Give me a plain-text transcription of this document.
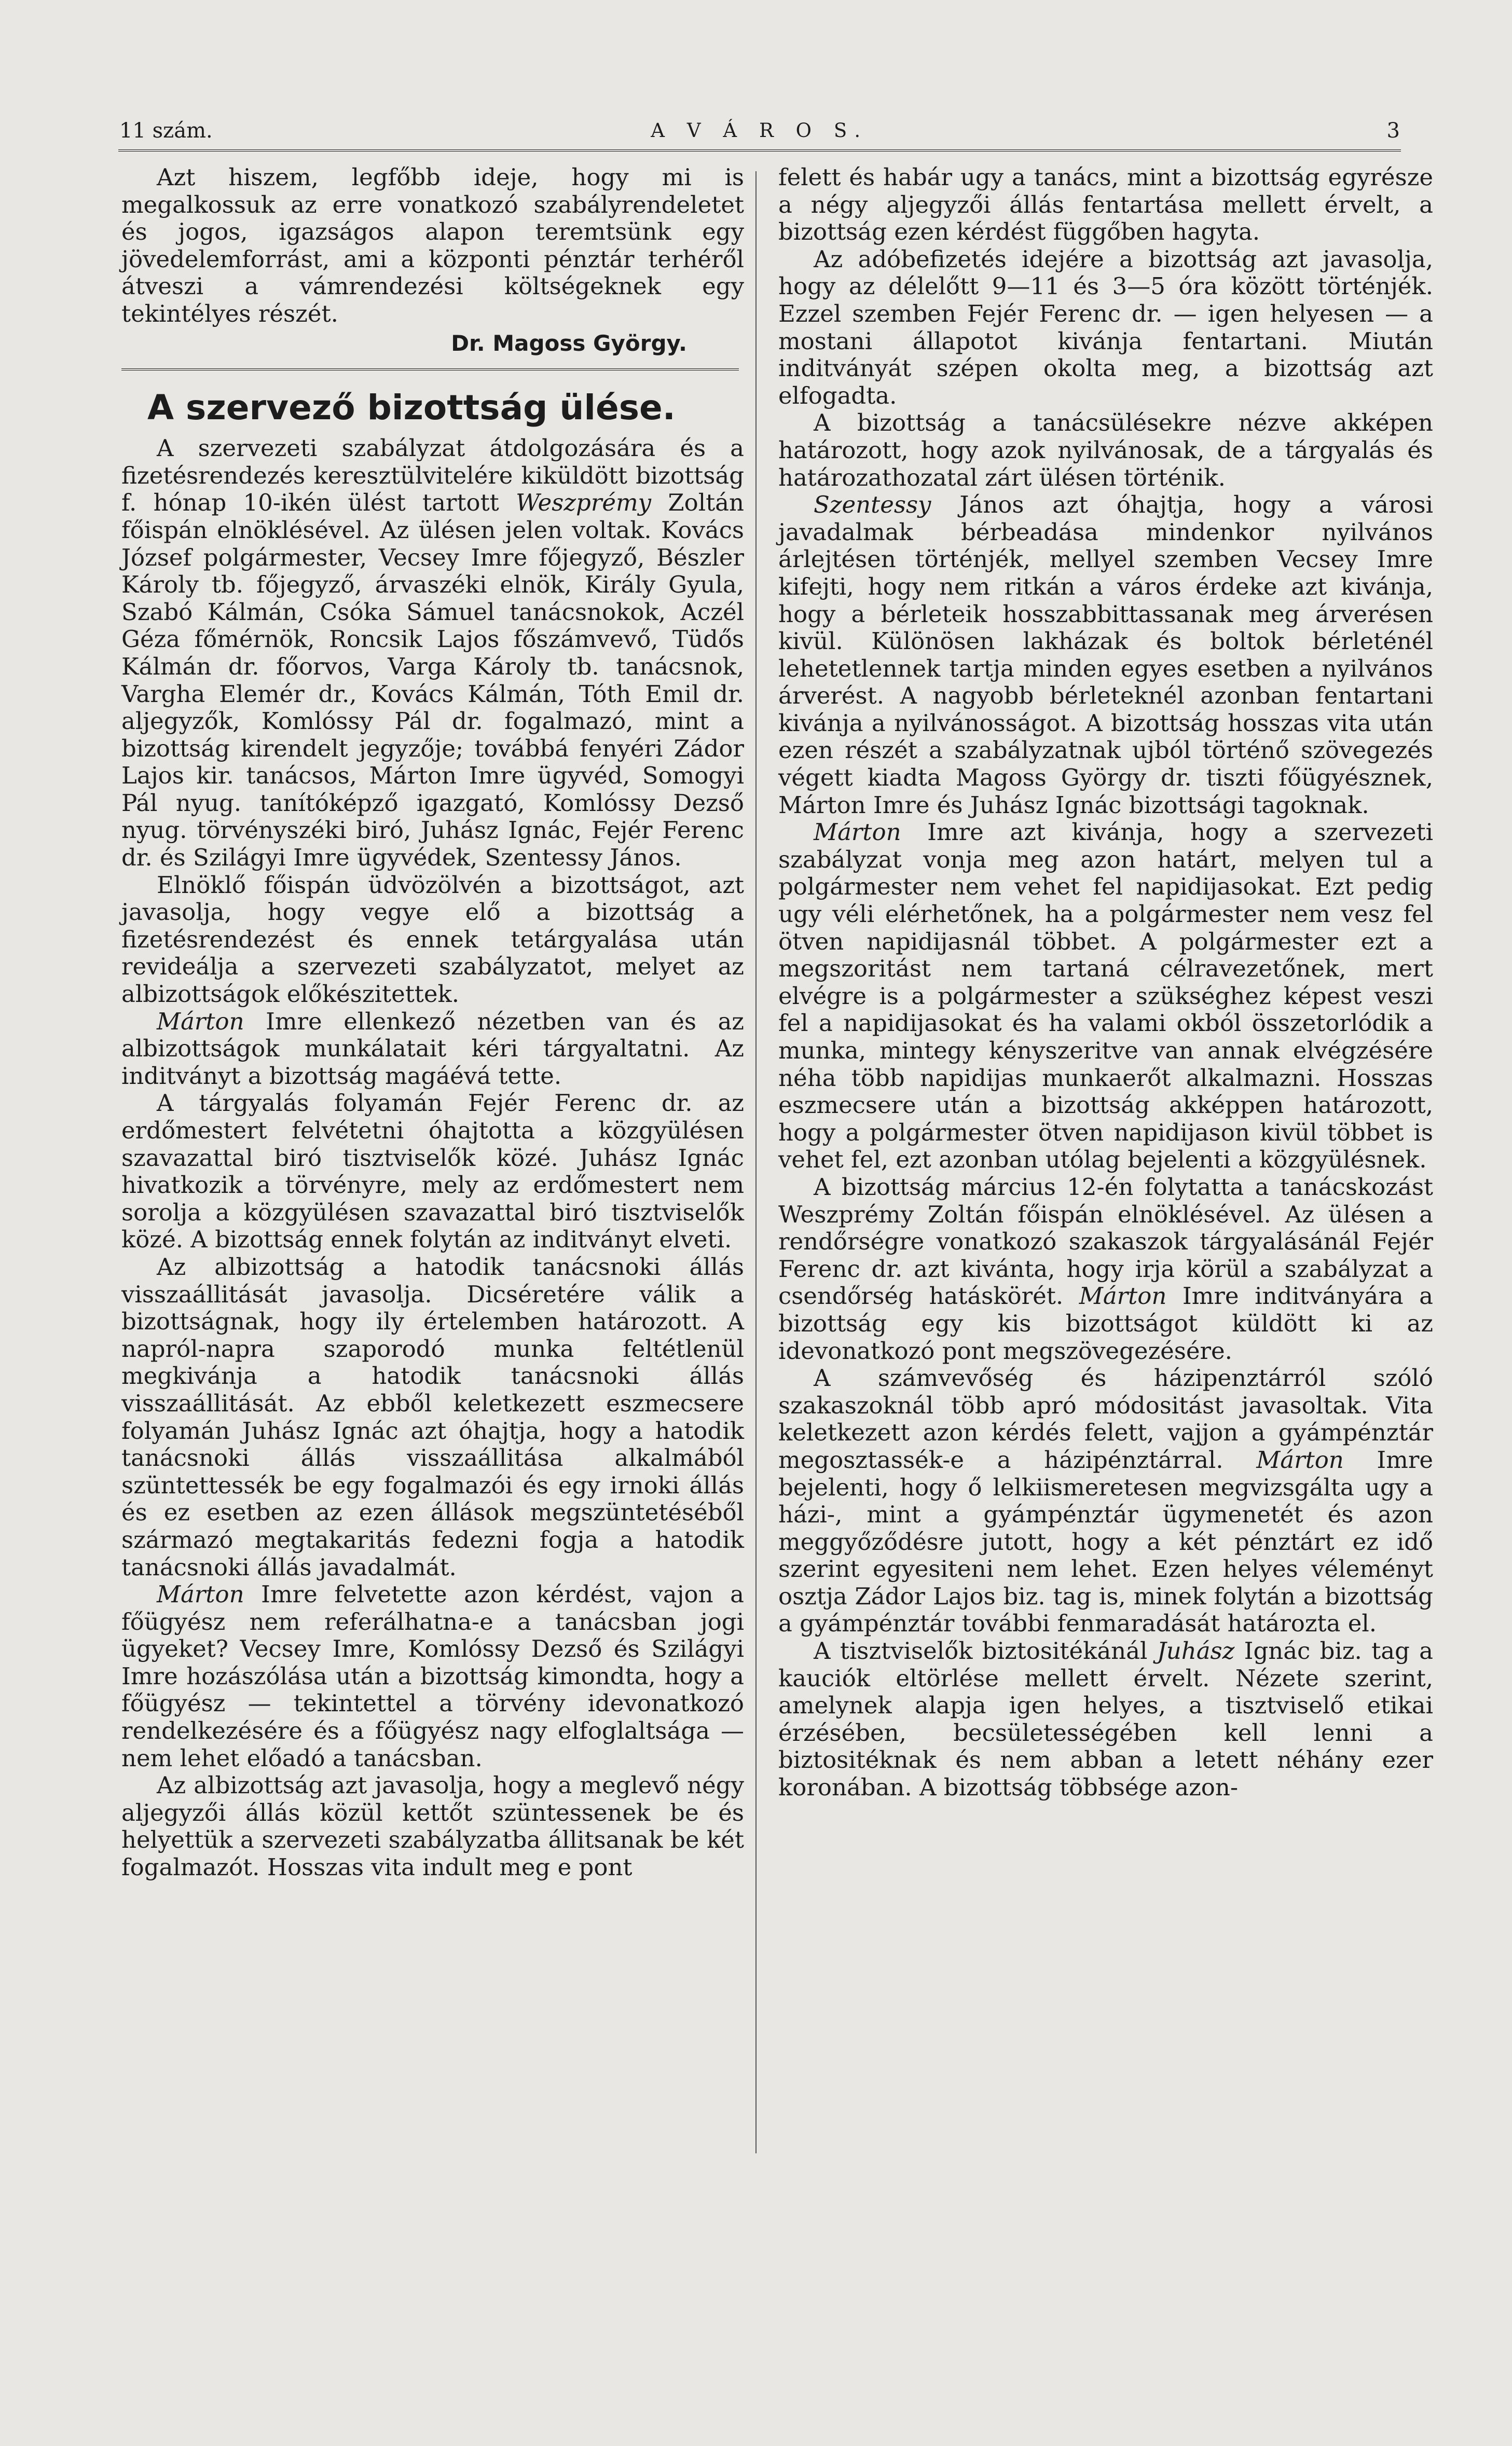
11 szám.	A V Á R O S.	3

Azt hiszem, legfőbb ideje, hogy mi is megalkossuk az erre vonatkozó szabályrendeletet és jogos, igazságos alapon teremtsünk egy jövedelemforrást, ami a központi pénztár terhéről átveszi a vámrendezési költségeknek egy tekintélyes részét.

Dr. Magoss György.
A szervező bizottság ülése.

A szervezeti szabályzat átdolgozására és a fizetésrendezés keresztülvitelére kiküldött bizottság f. hónap 10-ikén ülést tartott Weszprémy Zoltán főispán elnöklésével. Az ülésen jelen voltak. Kovács József polgármester, Vecsey Imre főjegyző, Bészler Károly tb. főjegyző, árvaszéki elnök, Király Gyula, Szabó Kálmán, Csóka Sámuel tanácsnokok, Aczél Géza főmérnök, Roncsik Lajos főszámvevő, Tüdős Kálmán dr. főorvos, Varga Károly tb. tanácsnok, Vargha Elemér dr., Kovács Kálmán, Tóth Emil dr. aljegyzők, Komlóssy Pál dr. fogalmazó, mint a bizottság kirendelt jegyzője; továbbá fenyéri Zádor Lajos kir. tanácsos, Márton Imre ügyvéd, Somogyi Pál nyug. tanítóképző igazgató, Komlóssy Dezső nyug. törvényszéki biró, Juhász Ignác, Fejér Ferenc dr. és Szilágyi Imre ügyvédek, Szentessy János.

Elnöklő főispán üdvözölvén a bizottságot, azt javasolja, hogy vegye elő a bizottság a fizetésrendezést és ennek tetárgyalása után revideálja a szervezeti szabályzatot, melyet az albizottságok előkészitettek.

Márton Imre ellenkező nézetben van és az albizottságok munkálatait kéri tárgyaltatni. Az inditványt a bizottság magáévá tette.

A tárgyalás folyamán Fejér Ferenc dr. az erdőmestert felvétetni óhajtotta a közgyülésen szavazattal biró tisztviselők közé. Juhász Ignác hivatkozik a törvényre, mely az erdőmestert nem sorolja a közgyülésen szavazattal biró tisztviselők közé. A bizottság ennek folytán az inditványt elveti.

Az albizottság a hatodik tanácsnoki állás visszaállitását javasolja. Dicséretére válik a bizottságnak, hogy ily értelemben határozott. A napról-napra szaporodó munka feltétlenül megkivánja a hatodik tanácsnoki állás visszaállitását. Az ebből keletkezett eszmecsere folyamán Juhász Ignác azt óhajtja, hogy a hatodik tanácsnoki állás visszaállitása alkalmából szüntettessék be egy fogalmazói és egy irnoki állás és ez esetben az ezen állások megszüntetéséből származó megtakaritás fedezni fogja a hatodik tanácsnoki állás javadalmát.

Márton Imre felvetette azon kérdést, vajon a főügyész nem referálhatna-e a tanácsban jogi ügyeket? Vecsey Imre, Komlóssy Dezső és Szilágyi Imre hozászólása után a bizottság kimondta, hogy a főügyész — tekintettel a törvény idevonatkozó rendelkezésére és a főügyész nagy elfoglaltsága — nem lehet előadó a tanácsban.

Az albizottság azt javasolja, hogy a meglevő négy aljegyzői állás közül kettőt szüntessenek be és helyettük a szervezeti szabályzatba állitsanak be két fogalmazót. Hosszas vita indult meg e pont

felett és habár ugy a tanács, mint a bizottság egyrésze a négy aljegyzői állás fentartása mellett érvelt, a bizottság ezen kérdést függőben hagyta.

Az adóbefizetés idejére a bizottság azt javasolja, hogy az délelőtt 9—11 és 3—5 óra között történjék. Ezzel szemben Fejér Ferenc dr. — igen helyesen — a mostani állapotot kivánja fentartani. Miután inditványát szépen okolta meg, a bizottság azt elfogadta.

A bizottság a tanácsülésekre nézve akképen határozott, hogy azok nyilvánosak, de a tárgyalás és határozathozatal zárt ülésen történik.

Szentessy János azt óhajtja, hogy a városi javadalmak bérbeadása mindenkor nyilvános árlejtésen történjék, mellyel szemben Vecsey Imre kifejti, hogy nem ritkán a város érdeke azt kivánja, hogy a bérleteik hosszabbittassanak meg árverésen kivül. Különösen lakházak és boltok bérleténél lehetetlennek tartja minden egyes esetben a nyilvános árverést. A nagyobb bérleteknél azonban fentartani kivánja a nyilvánosságot. A bizottság hosszas vita után ezen részét a szabályzatnak ujból történő szövegezés végett kiadta Magoss György dr. tiszti főügyésznek, Márton Imre és Juhász Ignác bizottsági tagoknak.

Márton Imre azt kivánja, hogy a szervezeti szabályzat vonja meg azon határt, melyen tul a polgármester nem vehet fel napidijasokat. Ezt pedig ugy véli elérhetőnek, ha a polgármester nem vesz fel ötven napidijasnál többet. A polgármester ezt a megszoritást nem tartaná célravezetőnek, mert elvégre is a polgármester a szükséghez képest veszi fel a napidijasokat és ha valami okból összetorlódik a munka, mintegy kényszeritve van annak elvégzésére néha több napidijas munkaerőt alkalmazni. Hosszas eszmecsere után a bizottság akképpen határozott, hogy a polgármester ötven napidijason kivül többet is vehet fel, ezt azonban utólag bejelenti a közgyülésnek.

A bizottság március 12-én folytatta a tanácskozást Weszprémy Zoltán főispán elnöklésével. Az ülésen a rendőrségre vonatkozó szakaszok tárgyalásánál Fejér Ferenc dr. azt kivánta, hogy irja körül a szabályzat a csendőrség hatáskörét. Márton Imre inditványára a bizottság egy kis bizottságot küldött ki az idevonatkozó pont megszövegezésére.

A számvevőség és házipenztárról szóló szakaszoknál több apró módositást javasoltak. Vita keletkezett azon kérdés felett, vajjon a gyámpénztár megosztassék-e a házipénztárral. Márton Imre bejelenti, hogy ő lelkiismeretesen megvizsgálta ugy a házi-, mint a gyámpénztár ügymenetét és azon meggyőződésre jutott, hogy a két pénztárt ez idő szerint egyesiteni nem lehet. Ezen helyes véleményt osztja Zádor Lajos biz. tag is, minek folytán a bizottság a gyámpénztár további fenmaradását határozta el.

A tisztviselők biztositékánál Juhász Ignác biz. tag a kauciók eltörlése mellett érvelt. Nézete szerint, amelynek alapja igen helyes, a tisztviselő etikai érzésében, becsületességében kell lenni a biztositéknak és nem abban a letett néhány ezer koronában. A bizottság többsége azon-
